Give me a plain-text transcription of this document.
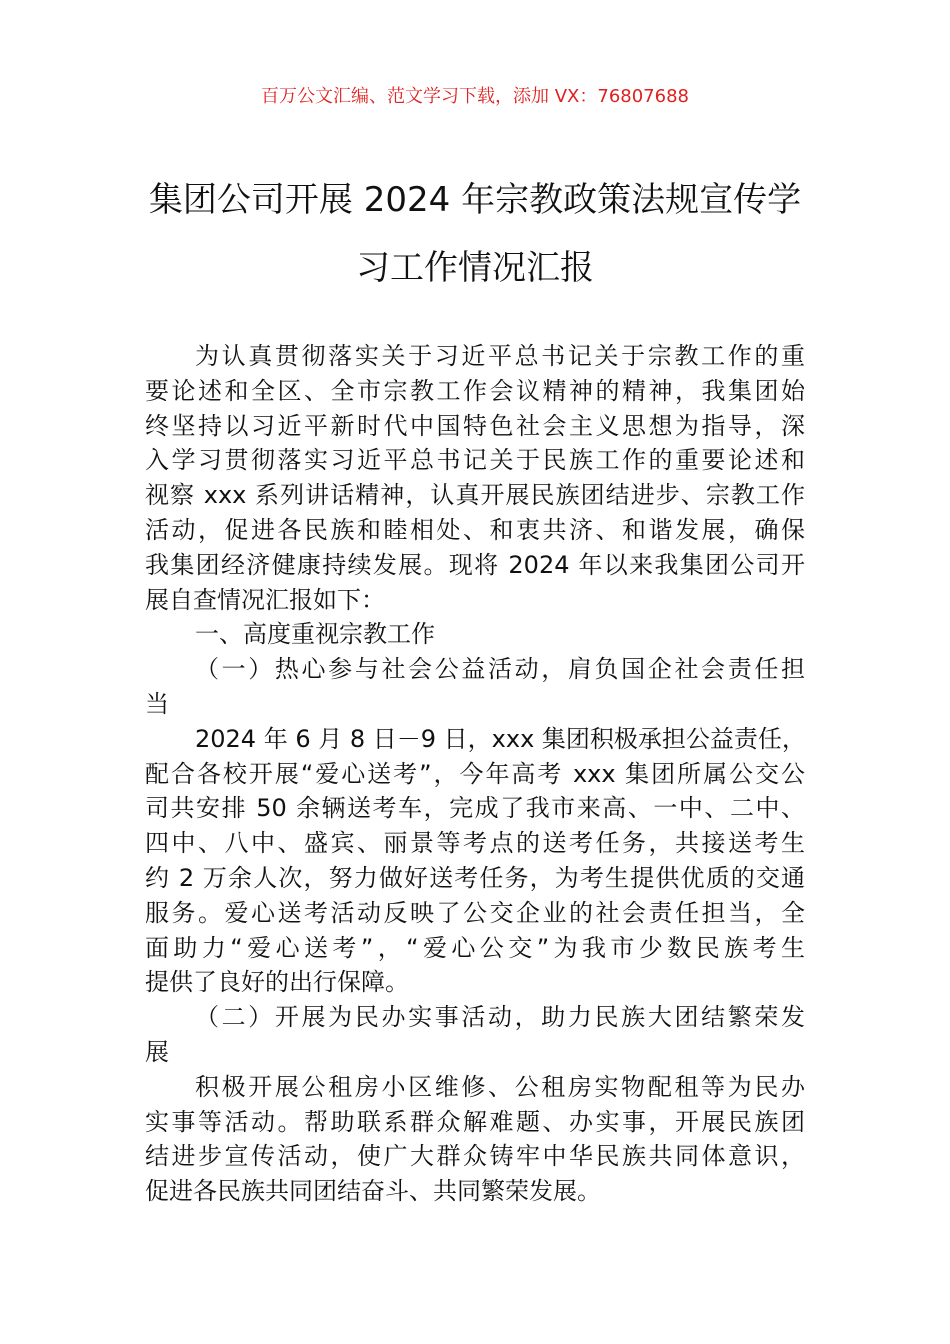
百万公文汇编、范文学习下载，添加 VX：76807688
集团公司开展 2024 年宗教政策法规宣传学
习工作情况汇报
为认真贯彻落实关于习近平总书记关于宗教工作的重
要论述和全区、全市宗教工作会议精神的精神，我集团始
终坚持以习近平新时代中国特色社会主义思想为指导，深
入学习贯彻落实习近平总书记关于民族工作的重要论述和
视察 xxx 系列讲话精神，认真开展民族团结进步、宗教工作
活动，促进各民族和睦相处、和衷共济、和谐发展，确保
我集团经济健康持续发展。现将 2024 年以来我集团公司开
展自查情况汇报如下：
一、高度重视宗教工作
（一）热心参与社会公益活动，肩负国企社会责任担
当
2024 年 6 月 8 日－9 日，xxx 集团积极承担公益责任，
配合各校开展“爱心送考”，今年高考 xxx 集团所属公交公
司共安排 50 余辆送考车，完成了我市来高、一中、二中、
四中、八中、盛宾、丽景等考点的送考任务，共接送考生
约 2 万余人次，努力做好送考任务，为考生提供优质的交通
服务。爱心送考活动反映了公交企业的社会责任担当，全
面助力“爱心送考”，“爱心公交”为我市少数民族考生
提供了良好的出行保障。
（二）开展为民办实事活动，助力民族大团结繁荣发
展
积极开展公租房小区维修、公租房实物配租等为民办
实事等活动。帮助联系群众解难题、办实事，开展民族团
结进步宣传活动，使广大群众铸牢中华民族共同体意识，
促进各民族共同团结奋斗、共同繁荣发展。
